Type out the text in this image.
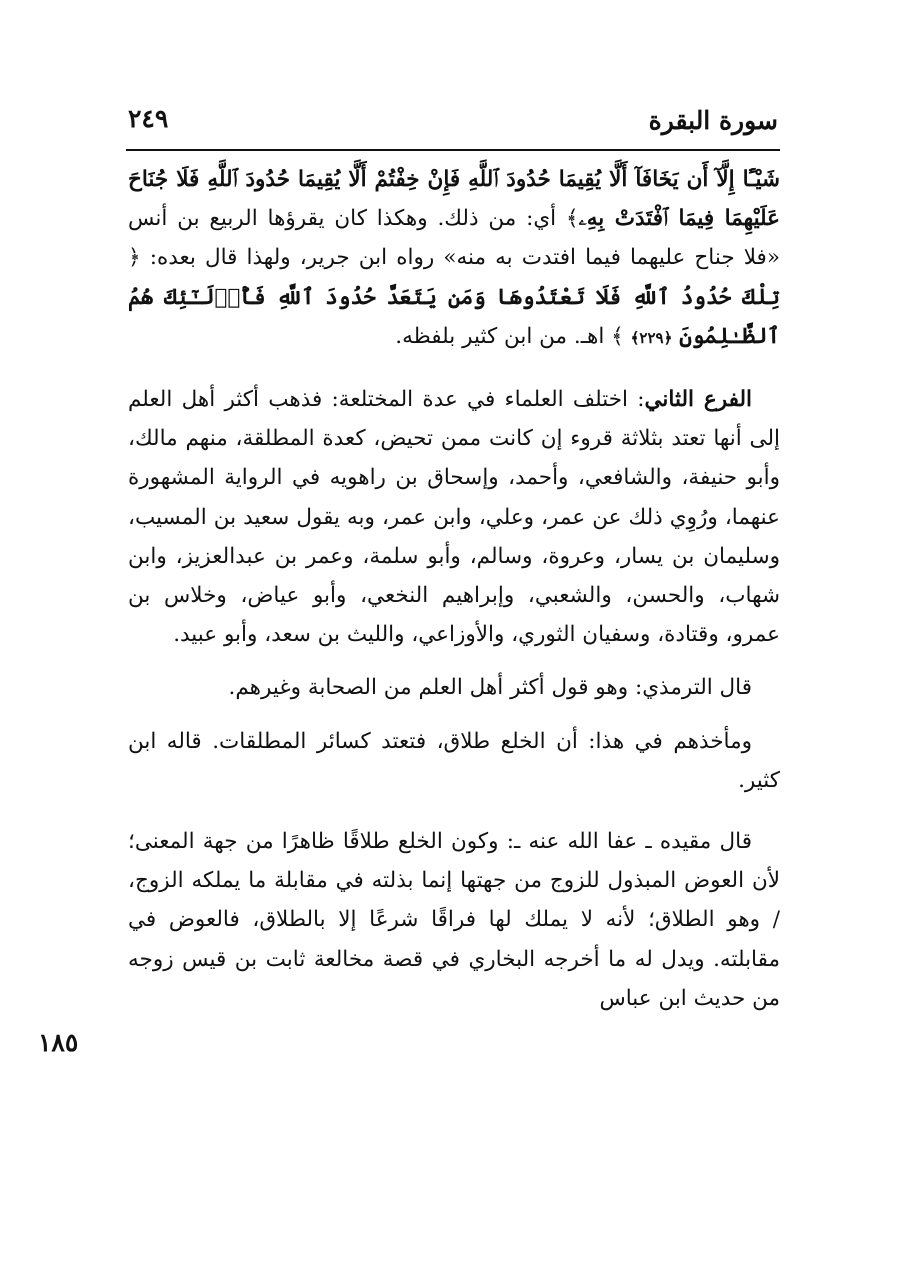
سورة البقرة
٢٤٩

شَيْـًٔا إِلَّآ أَن يَخَافَآ أَلَّا يُقِيمَا حُدُودَ ٱللَّهِ فَإِنْ خِفْتُمْ أَلَّا يُقِيمَا حُدُودَ ٱللَّهِ فَلَا جُنَاحَ عَلَيْهِمَا فِيمَا ٱفْتَدَتْ بِهِۦ﴾ أي: من ذلك. وهكذا كان يقرؤها الربيع بن أنس «فلا جناح عليهما فيما افتدت به منه» رواه ابن جرير، ولهذا قال بعده: ﴿ تِلْكَ حُدُودُ ٱللَّهِ فَلَا تَعْتَدُوهَا وَمَن يَتَعَدَّ حُدُودَ ٱللَّهِ فَأُو۟لَـٰٓئِكَ هُمُ ٱلظَّـٰلِمُونَ ﴿٢٢٩﴾ ﴾ اهـ. من ابن كثير بلفظه.

الفرع الثاني: اختلف العلماء في عدة المختلعة: فذهب أكثر أهل العلم إلى أنها تعتد بثلاثة قروء إن كانت ممن تحيض، كعدة المطلقة، منهم مالك، وأبو حنيفة، والشافعي، وأحمد، وإسحاق بن راهويه في الرواية المشهورة عنهما، ورُوِي ذلك عن عمر، وعلي، وابن عمر، وبه يقول سعيد بن المسيب، وسليمان بن يسار، وعروة، وسالم، وأبو سلمة، وعمر بن عبدالعزيز، وابن شهاب، والحسن، والشعبي، وإبراهيم النخعي، وأبو عياض، وخلاس بن عمرو، وقتادة، وسفيان الثوري، والأوزاعي، والليث بن سعد، وأبو عبيد.

قال الترمذي: وهو قول أكثر أهل العلم من الصحابة وغيرهم.

ومأخذهم في هذا: أن الخلع طلاق، فتعتد كسائر المطلقات. قاله ابن كثير.

قال مقيده ـ عفا الله عنه ـ: وكون الخلع طلاقًا ظاهرًا من جهة المعنى؛ لأن العوض المبذول للزوج من جهتها إنما بذلته في مقابلة ما يملكه الزوج، / وهو الطلاق؛ لأنه لا يملك لها فراقًا شرعًا إلا بالطلاق، فالعوض في مقابلته. ويدل له ما أخرجه البخاري في قصة مخالعة ثابت بن قيس زوجه من حديث ابن عباس

١٨٥
